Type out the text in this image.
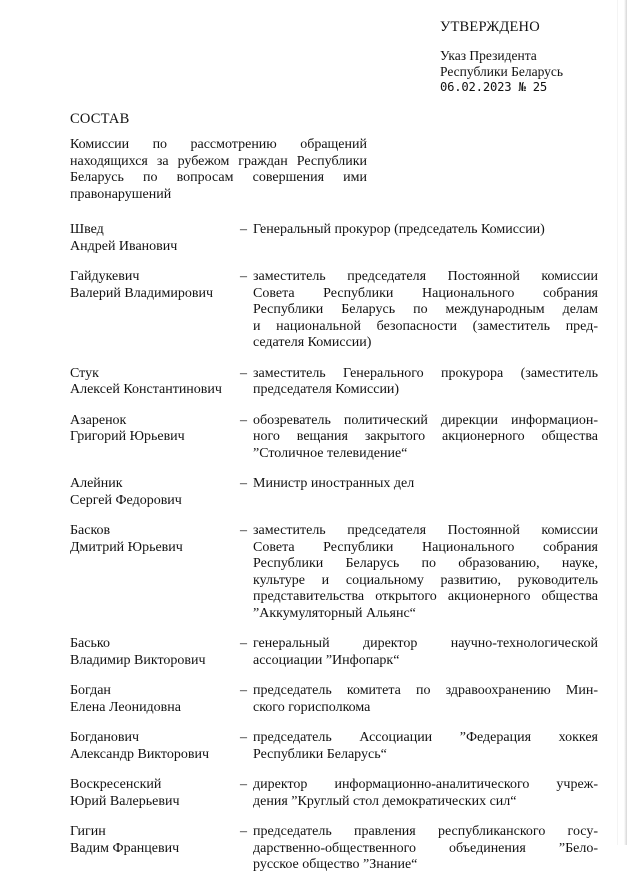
УТВЕРЖДЕНО
Указ Президента
Республики Беларусь
06.02.2023 № 25
СОСТАВ
Комиссии по рассмотрению обращений
находящихся за рубежом граждан Республики
Беларусь по вопросам совершения ими
правонарушений
Швед
Андрей Иванович
– Генеральный прокурор (председатель Комиссии)
Гайдукевич
Валерий Владимирович
– заместитель председателя Постоянной комиссии
Совета Республики Национального собрания
Республики Беларусь по международным делам
и национальной безопасности (заместитель пред-
седателя Комиссии)
Стук
Алексей Константинович
– заместитель Генерального прокурора (заместитель
председателя Комиссии)
Азаренок
Григорий Юрьевич
– обозреватель политический дирекции информацион-
ного вещания закрытого акционерного общества
”Столичное телевидение“
Алейник
Сергей Федорович
– Министр иностранных дел
Басков
Дмитрий Юрьевич
– заместитель председателя Постоянной комиссии
Совета Республики Национального собрания
Республики Беларусь по образованию, науке,
культуре и социальному развитию, руководитель
представительства открытого акционерного общества
”Аккумуляторный Альянс“
Басько
Владимир Викторович
– генеральный директор научно-технологической
ассоциации ”Инфопарк“
Богдан
Елена Леонидовна
– председатель комитета по здравоохранению Мин-
ского горисполкома
Богданович
Александр Викторович
– председатель Ассоциации ”Федерация хоккея
Республики Беларусь“
Воскресенский
Юрий Валерьевич
– директор информационно-аналитического учреж-
дения ”Круглый стол демократических сил“
Гигин
Вадим Францевич
– председатель правления республиканского госу-
дарственно-общественного объединения ”Бело-
русское общество ”Знание“
